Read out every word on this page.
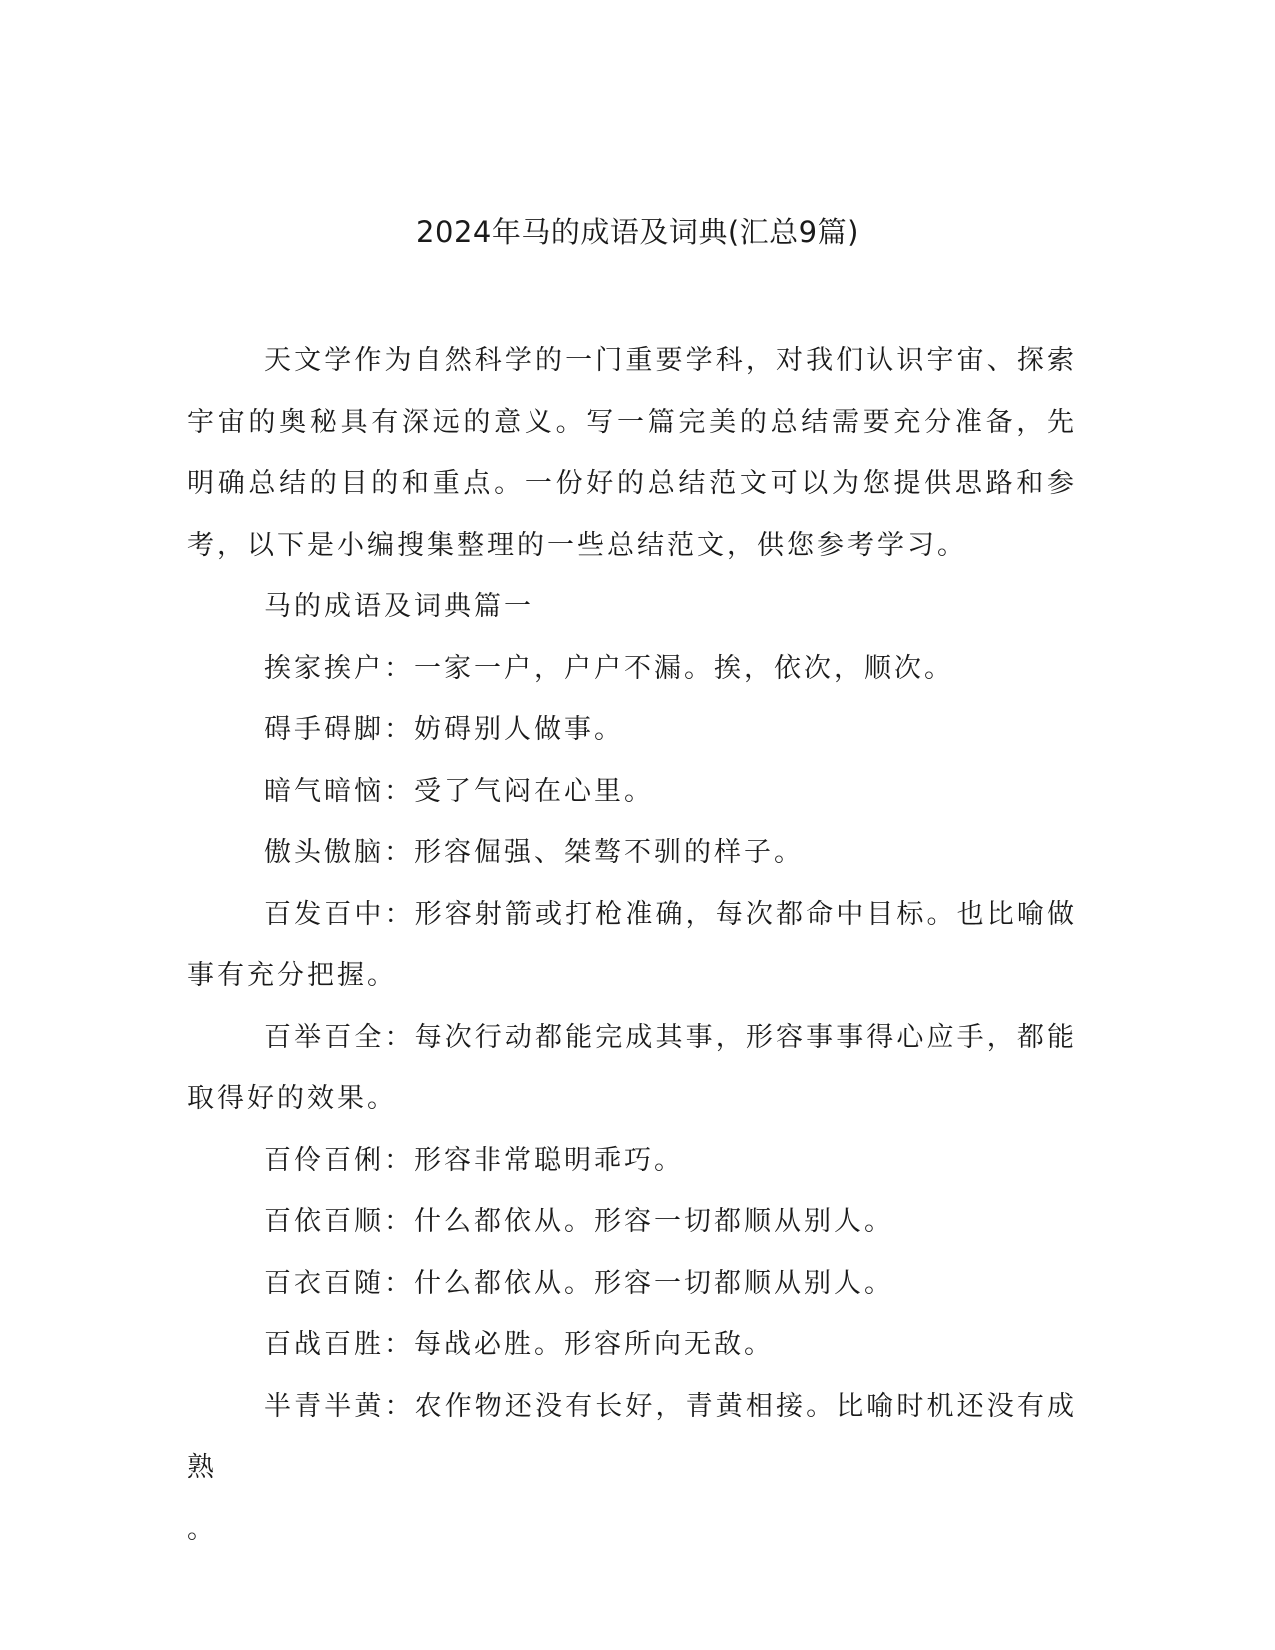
2024年马的成语及词典(汇总9篇)

天文学作为自然科学的一门重要学科，对我们认识宇宙、探索宇宙的奥秘具有深远的意义。写一篇完美的总结需要充分准备，先明确总结的目的和重点。一份好的总结范文可以为您提供思路和参考，以下是小编搜集整理的一些总结范文，供您参考学习。

马的成语及词典篇一

挨家挨户：一家一户，户户不漏。挨，依次，顺次。

碍手碍脚：妨碍别人做事。

暗气暗恼：受了气闷在心里。

傲头傲脑：形容倔强、桀骜不驯的样子。

百发百中：形容射箭或打枪准确，每次都命中目标。也比喻做事有充分把握。

百举百全：每次行动都能完成其事，形容事事得心应手，都能取得好的效果。

百伶百俐：形容非常聪明乖巧。

百依百顺：什么都依从。形容一切都顺从别人。

百衣百随：什么都依从。形容一切都顺从别人。

百战百胜：每战必胜。形容所向无敌。

半青半黄：农作物还没有长好，青黄相接。比喻时机还没有成熟

。
